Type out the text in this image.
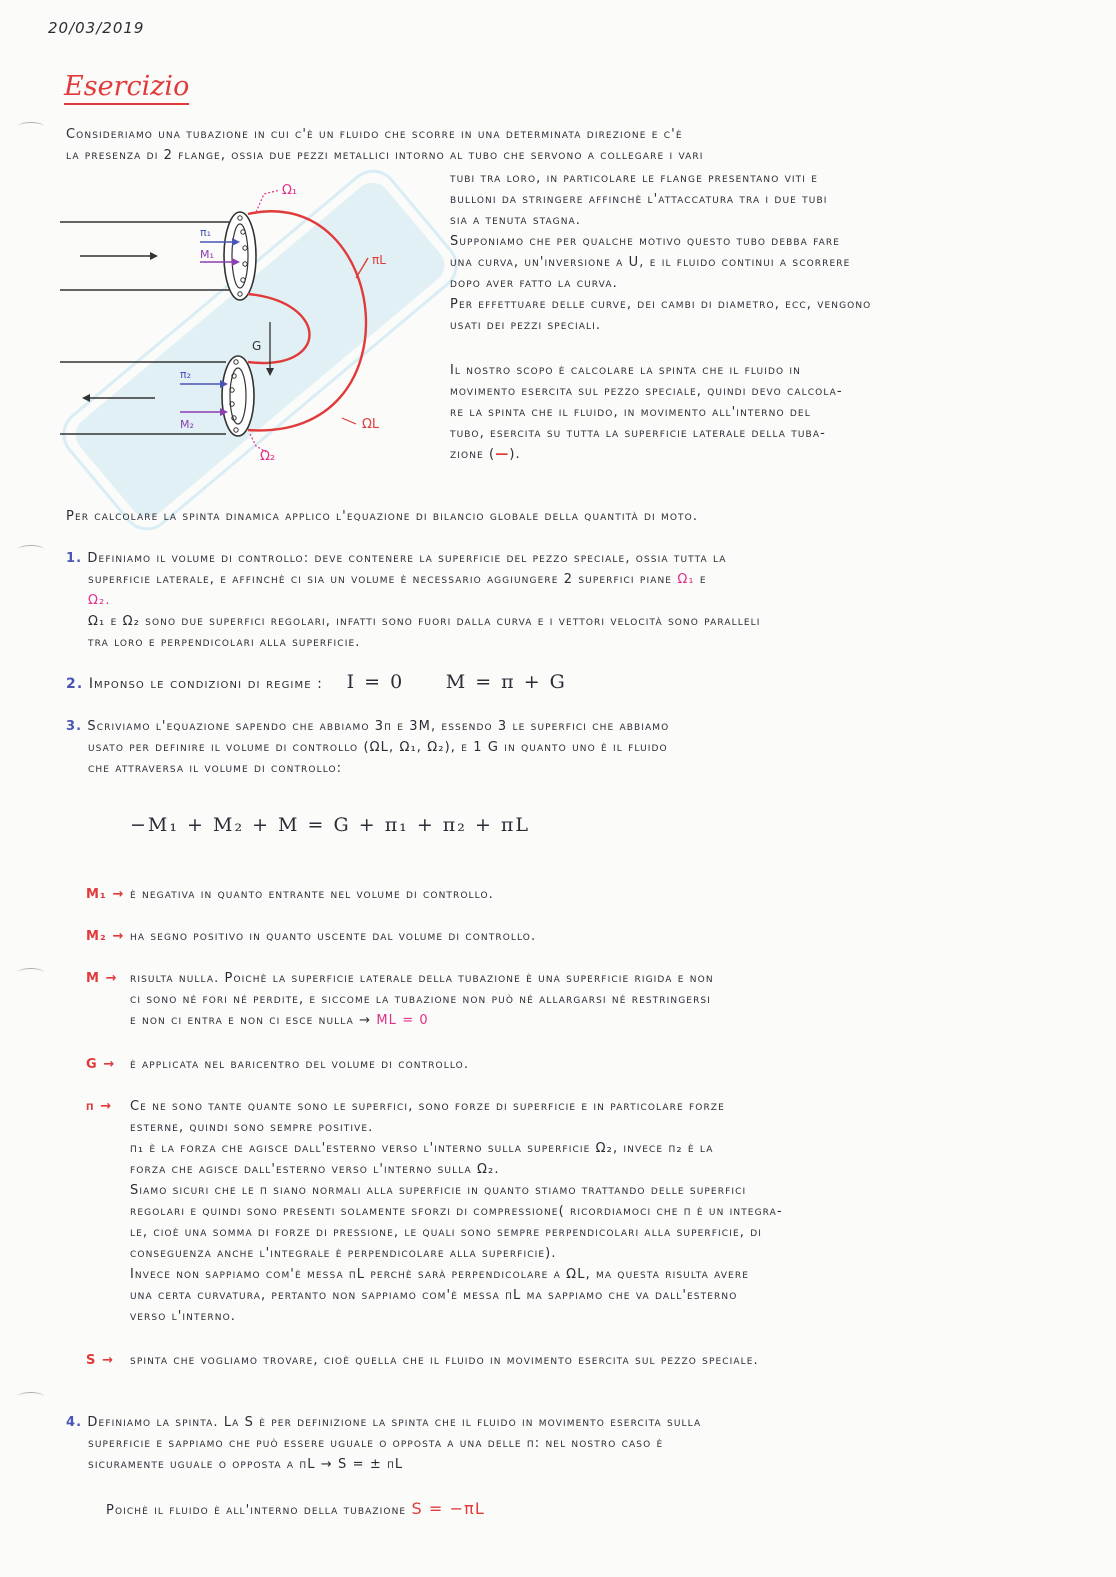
20/03/2019
Esercizio
Consideriamo una tubazione in cui c'è un fluido che scorre in una determinata direzione e c'è
la presenza di 2 flange, ossia due pezzi metallici intorno al tubo che servono a collegare i vari
tubi tra loro, in particolare le flange presentano viti e
bulloni da stringere affinchè l'attaccatura tra i due tubi
sia a tenuta stagna.
Supponiamo che per qualche motivo questo tubo debba fare
una curva, un'inversione a U, e il fluido continui a scorrere
dopo aver fatto la curva.
Per effettuare delle curve, dei cambi di diametro, ecc, vengono
usati dei pezzi speciali.
Il nostro scopo è calcolare la spinta che il fluido in
movimento esercita sul pezzo speciale, quindi devo calcola-
re la spinta che il fluido, in movimento all'interno del
tubo, esercita su tutta la superficie laterale della tuba-
zione (—).
π₁
M₁
π₂
M₂
G
Ω₁
Ω₂
ΩL
πL
Per calcolare la spinta dinamica applico l'equazione di bilancio globale della quantità di moto.
1. Definiamo il volume di controllo: deve contenere la superficie del pezzo speciale, ossia tutta la
superficie laterale, e affinchè ci sia un volume è necessario aggiungere 2 superfici piane Ω₁ e
Ω₂.
Ω₁ e Ω₂ sono due superfici regolari, infatti sono fuori dalla curva e i vettori velocità sono paralleli
tra loro e perpendicolari alla superficie.
2. Imponso le condizioni di regime : I = 0 M = π + G
3. Scriviamo l'equazione sapendo che abbiamo 3π e 3M, essendo 3 le superfici che abbiamo
usato per definire il volume di controllo (ΩL, Ω₁, Ω₂), e 1 G in quanto uno è il fluido
che attraversa il volume di controllo:
−M₁ + M₂ + M = G + π₁ + π₂ + πL
M₁ → è negativa in quanto entrante nel volume di controllo.
M₂ → ha segno positivo in quanto uscente dal volume di controllo.
M → risulta nulla. Poichè la superficie laterale della tubazione è una superficie rigida e non
ci sono né fori né perdite, e siccome la tubazione non può né allargarsi né restringersi
e non ci entra e non ci esce nulla → ML = 0
G → è applicata nel baricentro del volume di controllo.
π → Ce ne sono tante quante sono le superfici, sono forze di superficie e in particolare forze
esterne, quindi sono sempre positive.
π₁ è la forza che agisce dall'esterno verso l'interno sulla superficie Ω₂, invece π₂ è la
forza che agisce dall'esterno verso l'interno sulla Ω₂.
Siamo sicuri che le π siano normali alla superficie in quanto stiamo trattando delle superfici
regolari e quindi sono presenti solamente sforzi di compressione( ricordiamoci che π è un integra-
le, cioè una somma di forze di pressione, le quali sono sempre perpendicolari alla superficie, di
conseguenza anche l'integrale è perpendicolare alla superficie).
Invece non sappiamo com'è messa πL perchè sarà perpendicolare a ΩL, ma questa risulta avere
una certa curvatura, pertanto non sappiamo com'è messa πL ma sappiamo che va dall'esterno
verso l'interno.
S → spinta che vogliamo trovare, cioè quella che il fluido in movimento esercita sul pezzo speciale.
4. Definiamo la spinta. La S è per definizione la spinta che il fluido in movimento esercita sulla
superficie e sappiamo che può essere uguale o opposta a una delle π: nel nostro caso è
sicuramente uguale o opposta a πL → S = ± πL
Poichè il fluido è all'interno della tubazione S = −πL
